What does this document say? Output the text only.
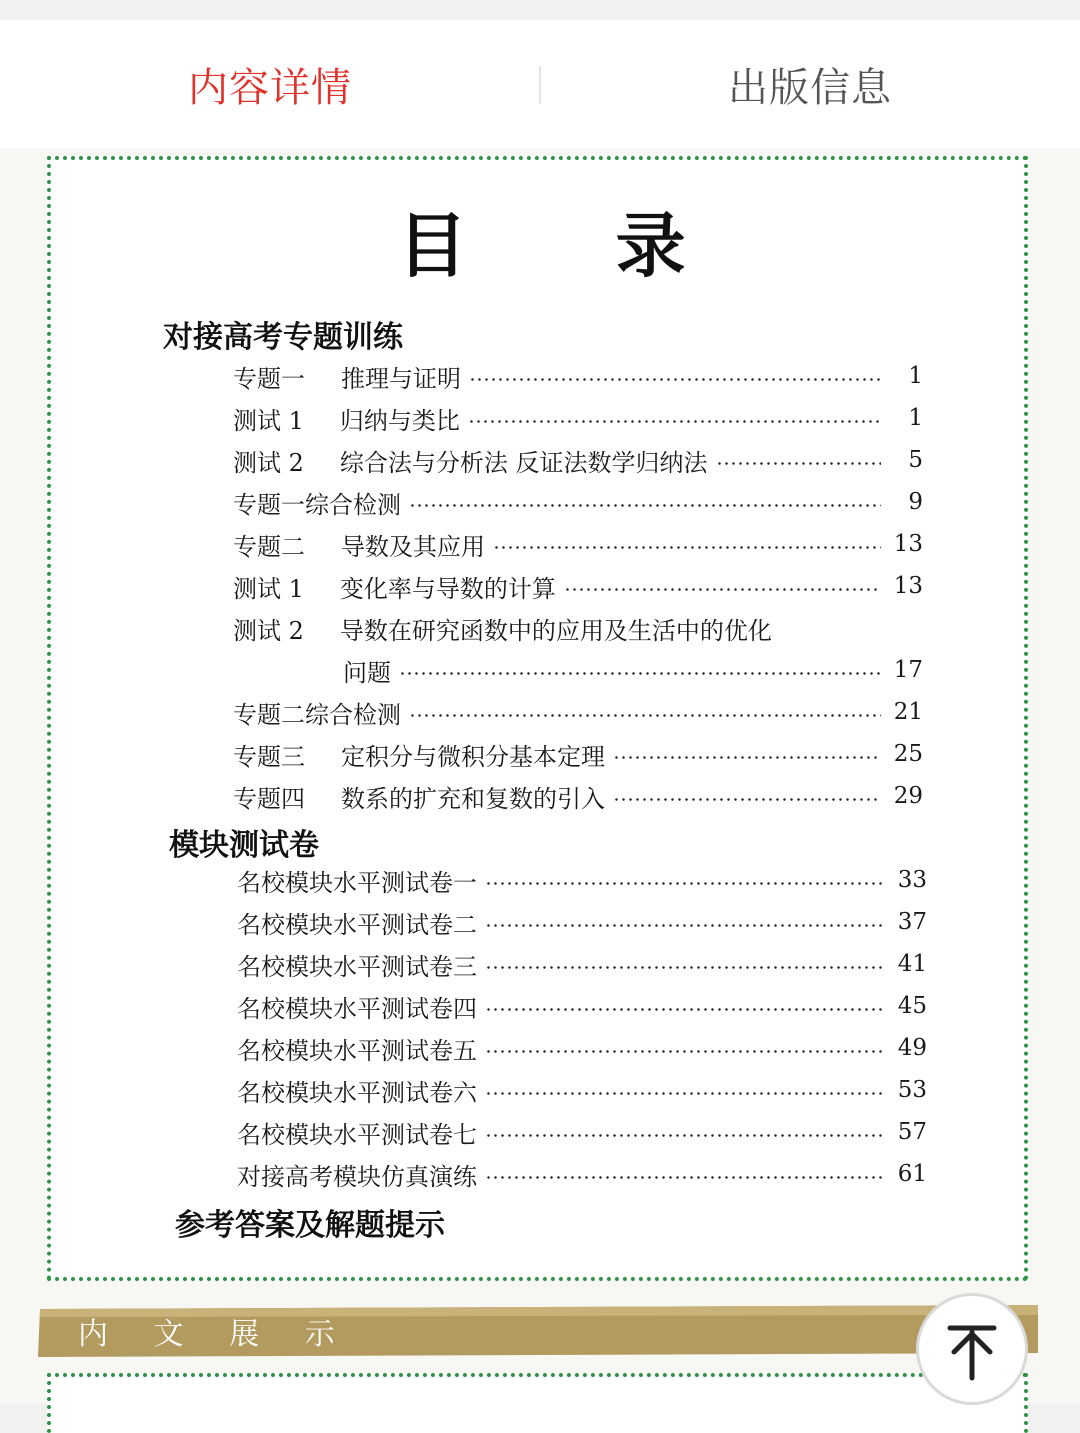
内容详情	出版信息
目 录
对接高考专题训练
专题一	推理与证明	1
测试 1	归纳与类比	1
测试 2	综合法与分析法 反证法数学归纳法	5
专题一综合检测	9
专题二	导数及其应用	13
测试 1	变化率与导数的计算	13
测试 2	导数在研究函数中的应用及生活中的优化
问题	17
专题二综合检测	21
专题三	定积分与微积分基本定理	25
专题四	数系的扩充和复数的引入	29
模块测试卷
名校模块水平测试卷一	33
名校模块水平测试卷二	37
名校模块水平测试卷三	41
名校模块水平测试卷四	45
名校模块水平测试卷五	49
名校模块水平测试卷六	53
名校模块水平测试卷七	57
对接高考模块仿真演练	61
参考答案及解题提示
内 文 展 示
